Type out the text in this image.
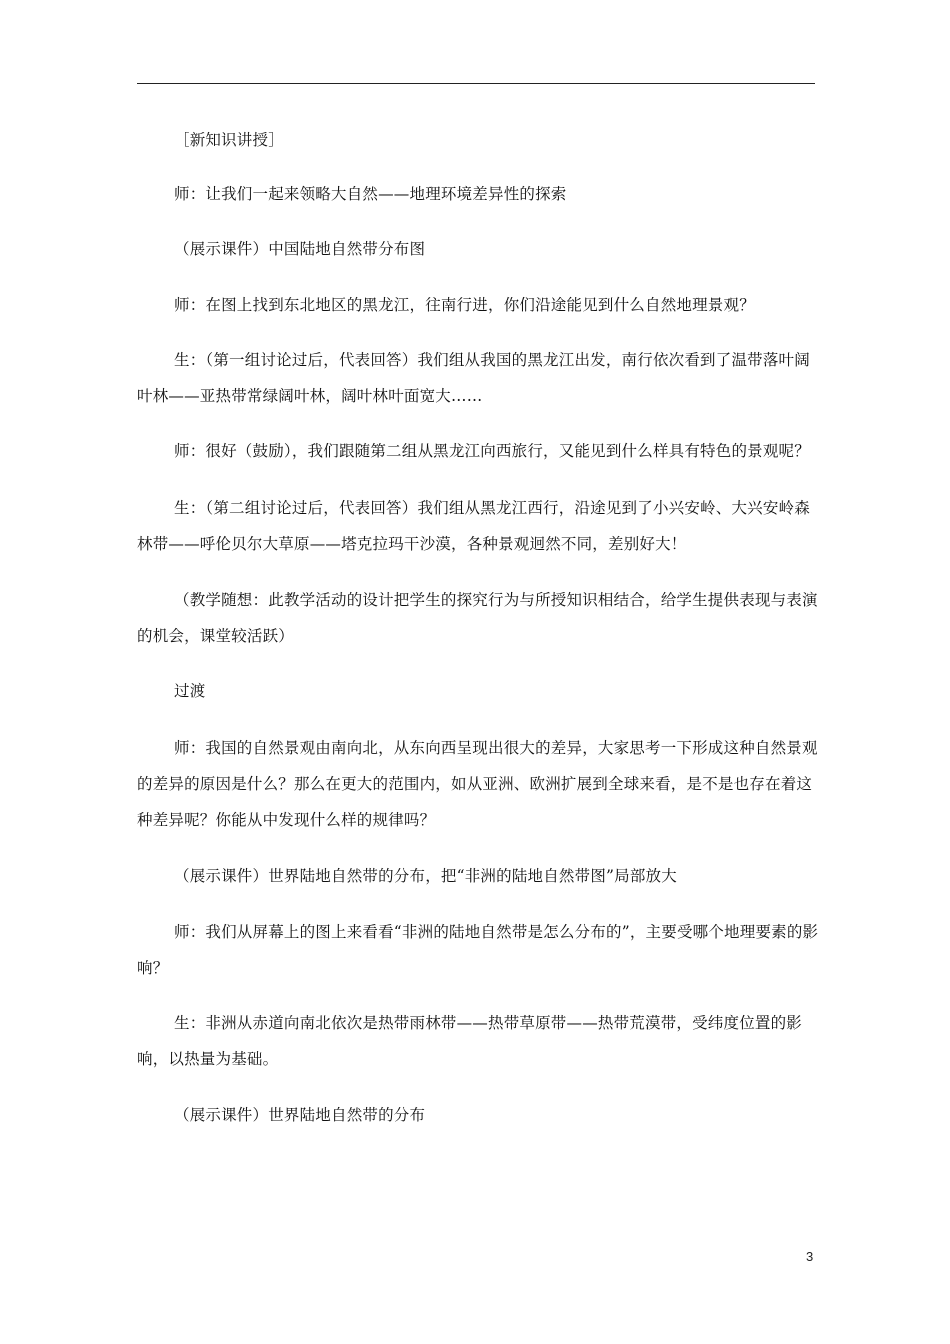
［新知识讲授］

师：让我们一起来领略大自然——地理环境差异性的探索

（展示课件）中国陆地自然带分布图

师：在图上找到东北地区的黑龙江，往南行进，你们沿途能见到什么自然地理景观？

生：（第一组讨论过后，代表回答）我们组从我国的黑龙江出发，南行依次看到了温带落叶阔叶林——亚热带常绿阔叶林，阔叶林叶面宽大……

师：很好（鼓励），我们跟随第二组从黑龙江向西旅行，又能见到什么样具有特色的景观呢？

生：（第二组讨论过后，代表回答）我们组从黑龙江西行，沿途见到了小兴安岭、大兴安岭森林带——呼伦贝尔大草原——塔克拉玛干沙漠，各种景观迥然不同，差别好大！

（教学随想：此教学活动的设计把学生的探究行为与所授知识相结合，给学生提供表现与表演的机会，课堂较活跃）

过渡

师：我国的自然景观由南向北，从东向西呈现出很大的差异，大家思考一下形成这种自然景观的差异的原因是什么？那么在更大的范围内，如从亚洲、欧洲扩展到全球来看，是不是也存在着这种差异呢？你能从中发现什么样的规律吗？

（展示课件）世界陆地自然带的分布，把“非洲的陆地自然带图”局部放大

师：我们从屏幕上的图上来看看“非洲的陆地自然带是怎么分布的”，主要受哪个地理要素的影响？

生：非洲从赤道向南北依次是热带雨林带——热带草原带——热带荒漠带，受纬度位置的影响，以热量为基础。

（展示课件）世界陆地自然带的分布

3
